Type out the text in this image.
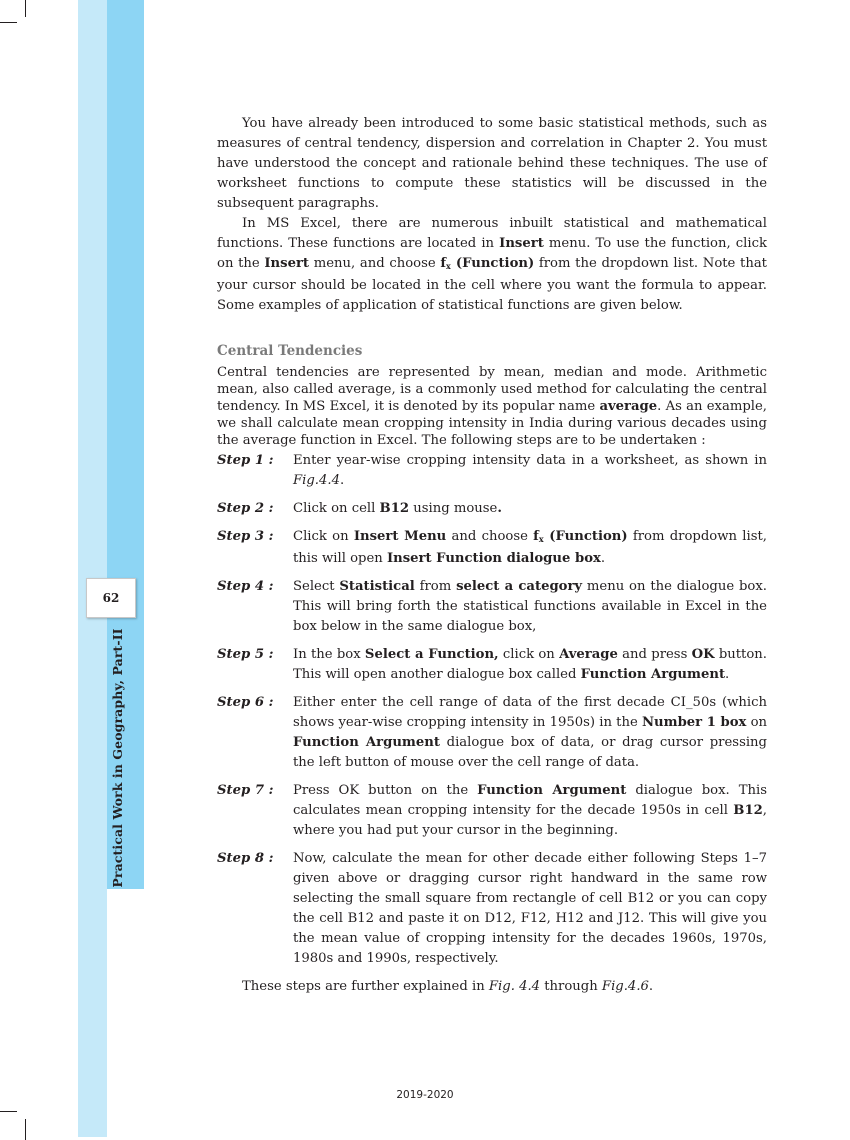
62
Practical Work in Geography, Part-II

You have already been introduced to some basic statistical methods, such as measures of central tendency, dispersion and correlation in Chapter 2. You must have understood the concept and rationale behind these techniques. The use of worksheet functions to compute these statistics will be discussed in the subsequent paragraphs.

In MS Excel, there are numerous inbuilt statistical and mathematical functions. These functions are located in Insert menu. To use the function, click on the Insert menu, and choose $f_x$ (Function) from the dropdown list. Note that your cursor should be located in the cell where you want the formula to appear. Some examples of application of statistical functions are given below.

Central Tendencies

Central tendencies are represented by mean, median and mode. Arithmetic mean, also called average, is a commonly used method for calculating the central tendency. In MS Excel, it is denoted by its popular name average. As an example, we shall calculate mean cropping intensity in India during various decades using the average function in Excel. The following steps are to be undertaken :

Step 1 :	Enter year-wise cropping intensity data in a worksheet, as shown in Fig.4.4.
Step 2 :	Click on cell B12 using mouse.
Step 3 :	Click on Insert Menu and choose $f_x$ (Function) from dropdown list, this will open Insert Function dialogue box.
Step 4 :	Select Statistical from select a category menu on the dialogue box. This will bring forth the statistical functions available in Excel in the box below in the same dialogue box,
Step 5 :	In the box Select a Function, click on Average and press OK button. This will open another dialogue box called Function Argument.
Step 6 :	Either enter the cell range of data of the first decade CI_50s (which shows year-wise cropping intensity in 1950s) in the Number 1 box on Function Argument dialogue box of data, or drag cursor pressing the left button of mouse over the cell range of data.
Step 7 :	Press OK button on the Function Argument dialogue box. This calculates mean cropping intensity for the decade 1950s in cell B12, where you had put your cursor in the beginning.
Step 8 :	Now, calculate the mean for other decade either following Steps 1–7 given above or dragging cursor right handward in the same row selecting the small square from rectangle of cell B12 or you can copy the cell B12 and paste it on D12, F12, H12 and J12. This will give you the mean value of cropping intensity for the decades 1960s, 1970s, 1980s and 1990s, respectively.

These steps are further explained in Fig. 4.4 through Fig.4.6.

2019-2020
